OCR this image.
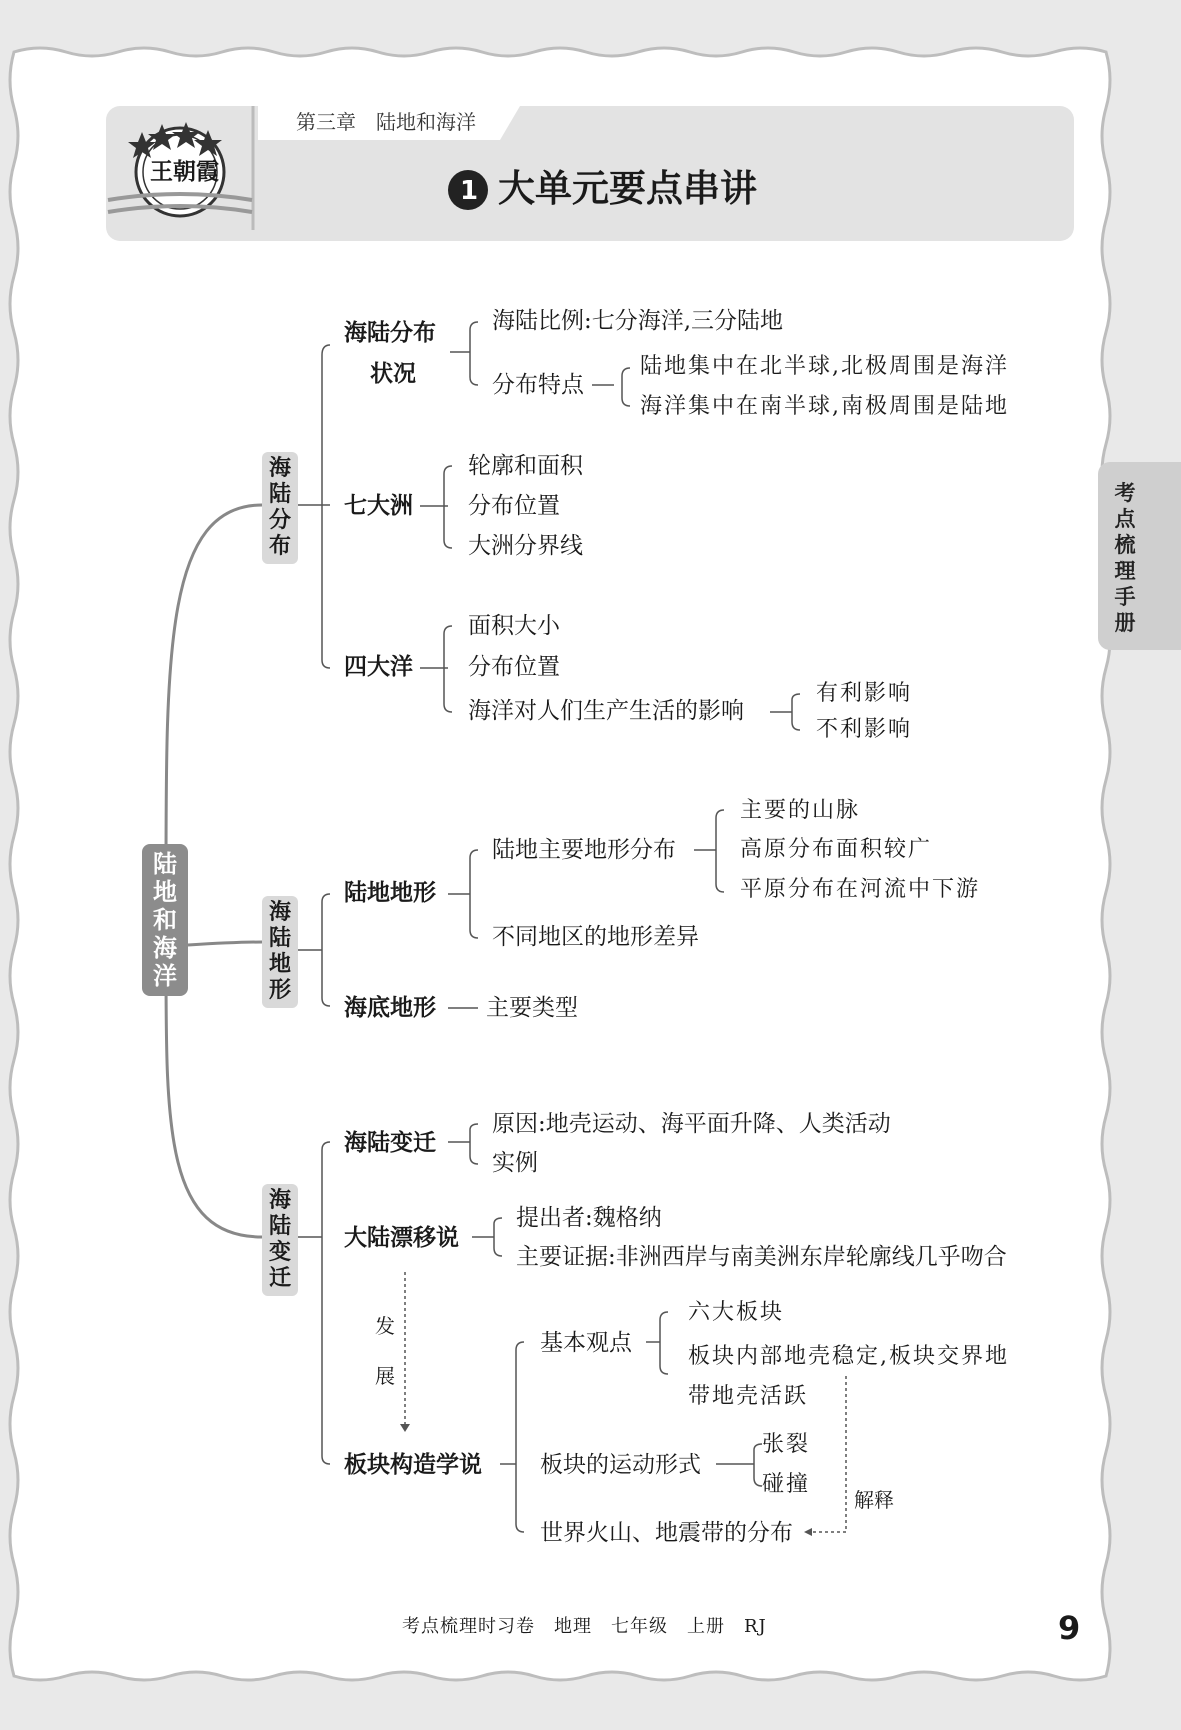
王朝霞
第三章　陆地和海洋
1 大单元要点串讲
考点梳理手册
陆地和海洋
海陆分布
海陆地形
海陆变迁
海陆分布
状况
海陆比例:七分海洋,三分陆地
分布特点
陆地集中在北半球,北极周围是海洋
海洋集中在南半球,南极周围是陆地
七大洲
轮廓和面积
分布位置
大洲分界线
四大洋
面积大小
分布位置
海洋对人们生产生活的影响
有利影响
不利影响
陆地地形
陆地主要地形分布
主要的山脉
高原分布面积较广
平原分布在河流中下游
不同地区的地形差异
海底地形 主要类型
海陆变迁
原因:地壳运动、海平面升降、人类活动
实例
大陆漂移说
提出者:魏格纳
主要证据:非洲西岸与南美洲东岸轮廓线几乎吻合
发
展
板块构造学说
基本观点
六大板块
板块内部地壳稳定,板块交界地
带地壳活跃
板块的运动形式
张裂
碰撞
世界火山、地震带的分布
解释
考点梳理时习卷　地理　七年级　上册　RJ	9
